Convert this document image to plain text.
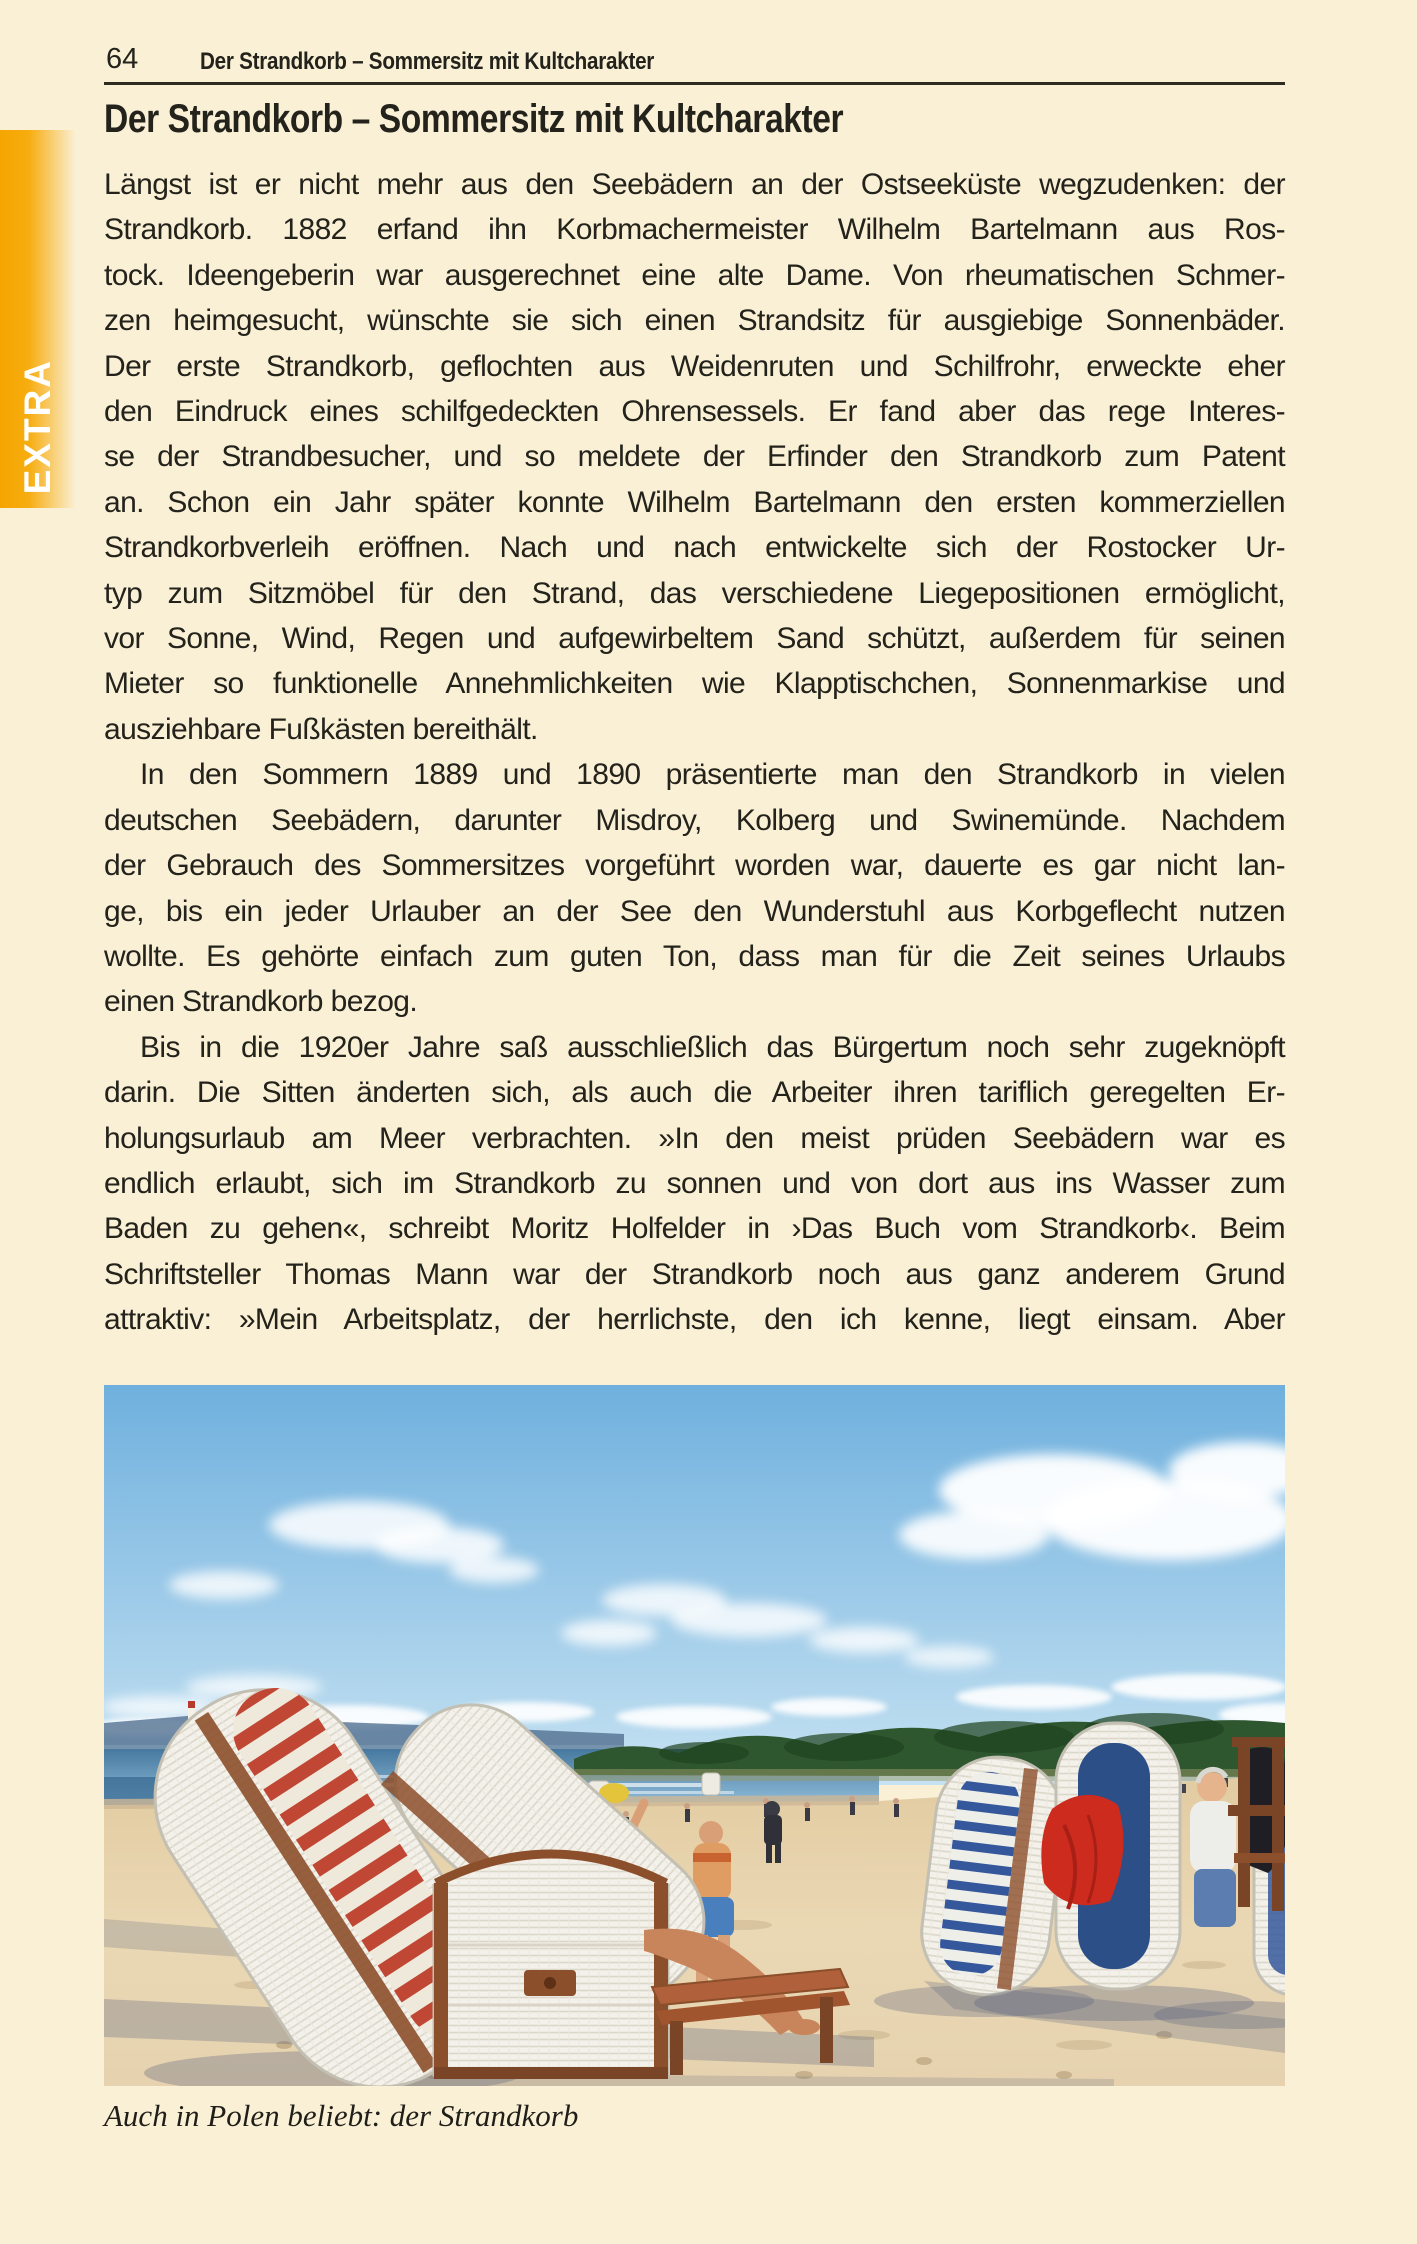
EXTRA
64	Der Strandkorb – Sommersitz mit Kultcharakter
Der Strandkorb – Sommersitz mit Kultcharakter
Längst ist er nicht mehr aus den Seebädern an der Ostseeküste wegzudenken: der
Strandkorb. 1882 erfand ihn Korbmachermeister Wilhelm Bartelmann aus Ros-
tock. Ideengeberin war ausgerechnet eine alte Dame. Von rheumatischen Schmer-
zen heimgesucht, wünschte sie sich einen Strandsitz für ausgiebige Sonnenbäder.
Der erste Strandkorb, geflochten aus Weidenruten und Schilfrohr, erweckte eher
den Eindruck eines schilfgedeckten Ohrensessels. Er fand aber das rege Interes-
se der Strandbesucher, und so meldete der Erfinder den Strandkorb zum Patent
an. Schon ein Jahr später konnte Wilhelm Bartelmann den ersten kommerziellen
Strandkorbverleih eröffnen. Nach und nach entwickelte sich der Rostocker Ur-
typ zum Sitzmöbel für den Strand, das verschiedene Liegepositionen ermöglicht,
vor Sonne, Wind, Regen und aufgewirbeltem Sand schützt, außerdem für seinen
Mieter so funktionelle Annehmlichkeiten wie Klapptischchen, Sonnenmarkise und
ausziehbare Fußkästen bereithält.
In den Sommern 1889 und 1890 präsentierte man den Strandkorb in vielen
deutschen Seebädern, darunter Misdroy, Kolberg und Swinemünde. Nachdem
der Gebrauch des Sommersitzes vorgeführt worden war, dauerte es gar nicht lan-
ge, bis ein jeder Urlauber an der See den Wunderstuhl aus Korbgeflecht nutzen
wollte. Es gehörte einfach zum guten Ton, dass man für die Zeit seines Urlaubs
einen Strandkorb bezog.
Bis in die 1920er Jahre saß ausschließlich das Bürgertum noch sehr zugeknöpft
darin. Die Sitten änderten sich, als auch die Arbeiter ihren tariflich geregelten Er-
holungsurlaub am Meer verbrachten. »In den meist prüden Seebädern war es
endlich erlaubt, sich im Strandkorb zu sonnen und von dort aus ins Wasser zum
Baden zu gehen«, schreibt Moritz Holfelder in ›Das Buch vom Strandkorb‹. Beim
Schriftsteller Thomas Mann war der Strandkorb noch aus ganz anderem Grund
attraktiv: »Mein Arbeitsplatz, der herrlichste, den ich kenne, liegt einsam. Aber
Auch in Polen beliebt: der Strandkorb
